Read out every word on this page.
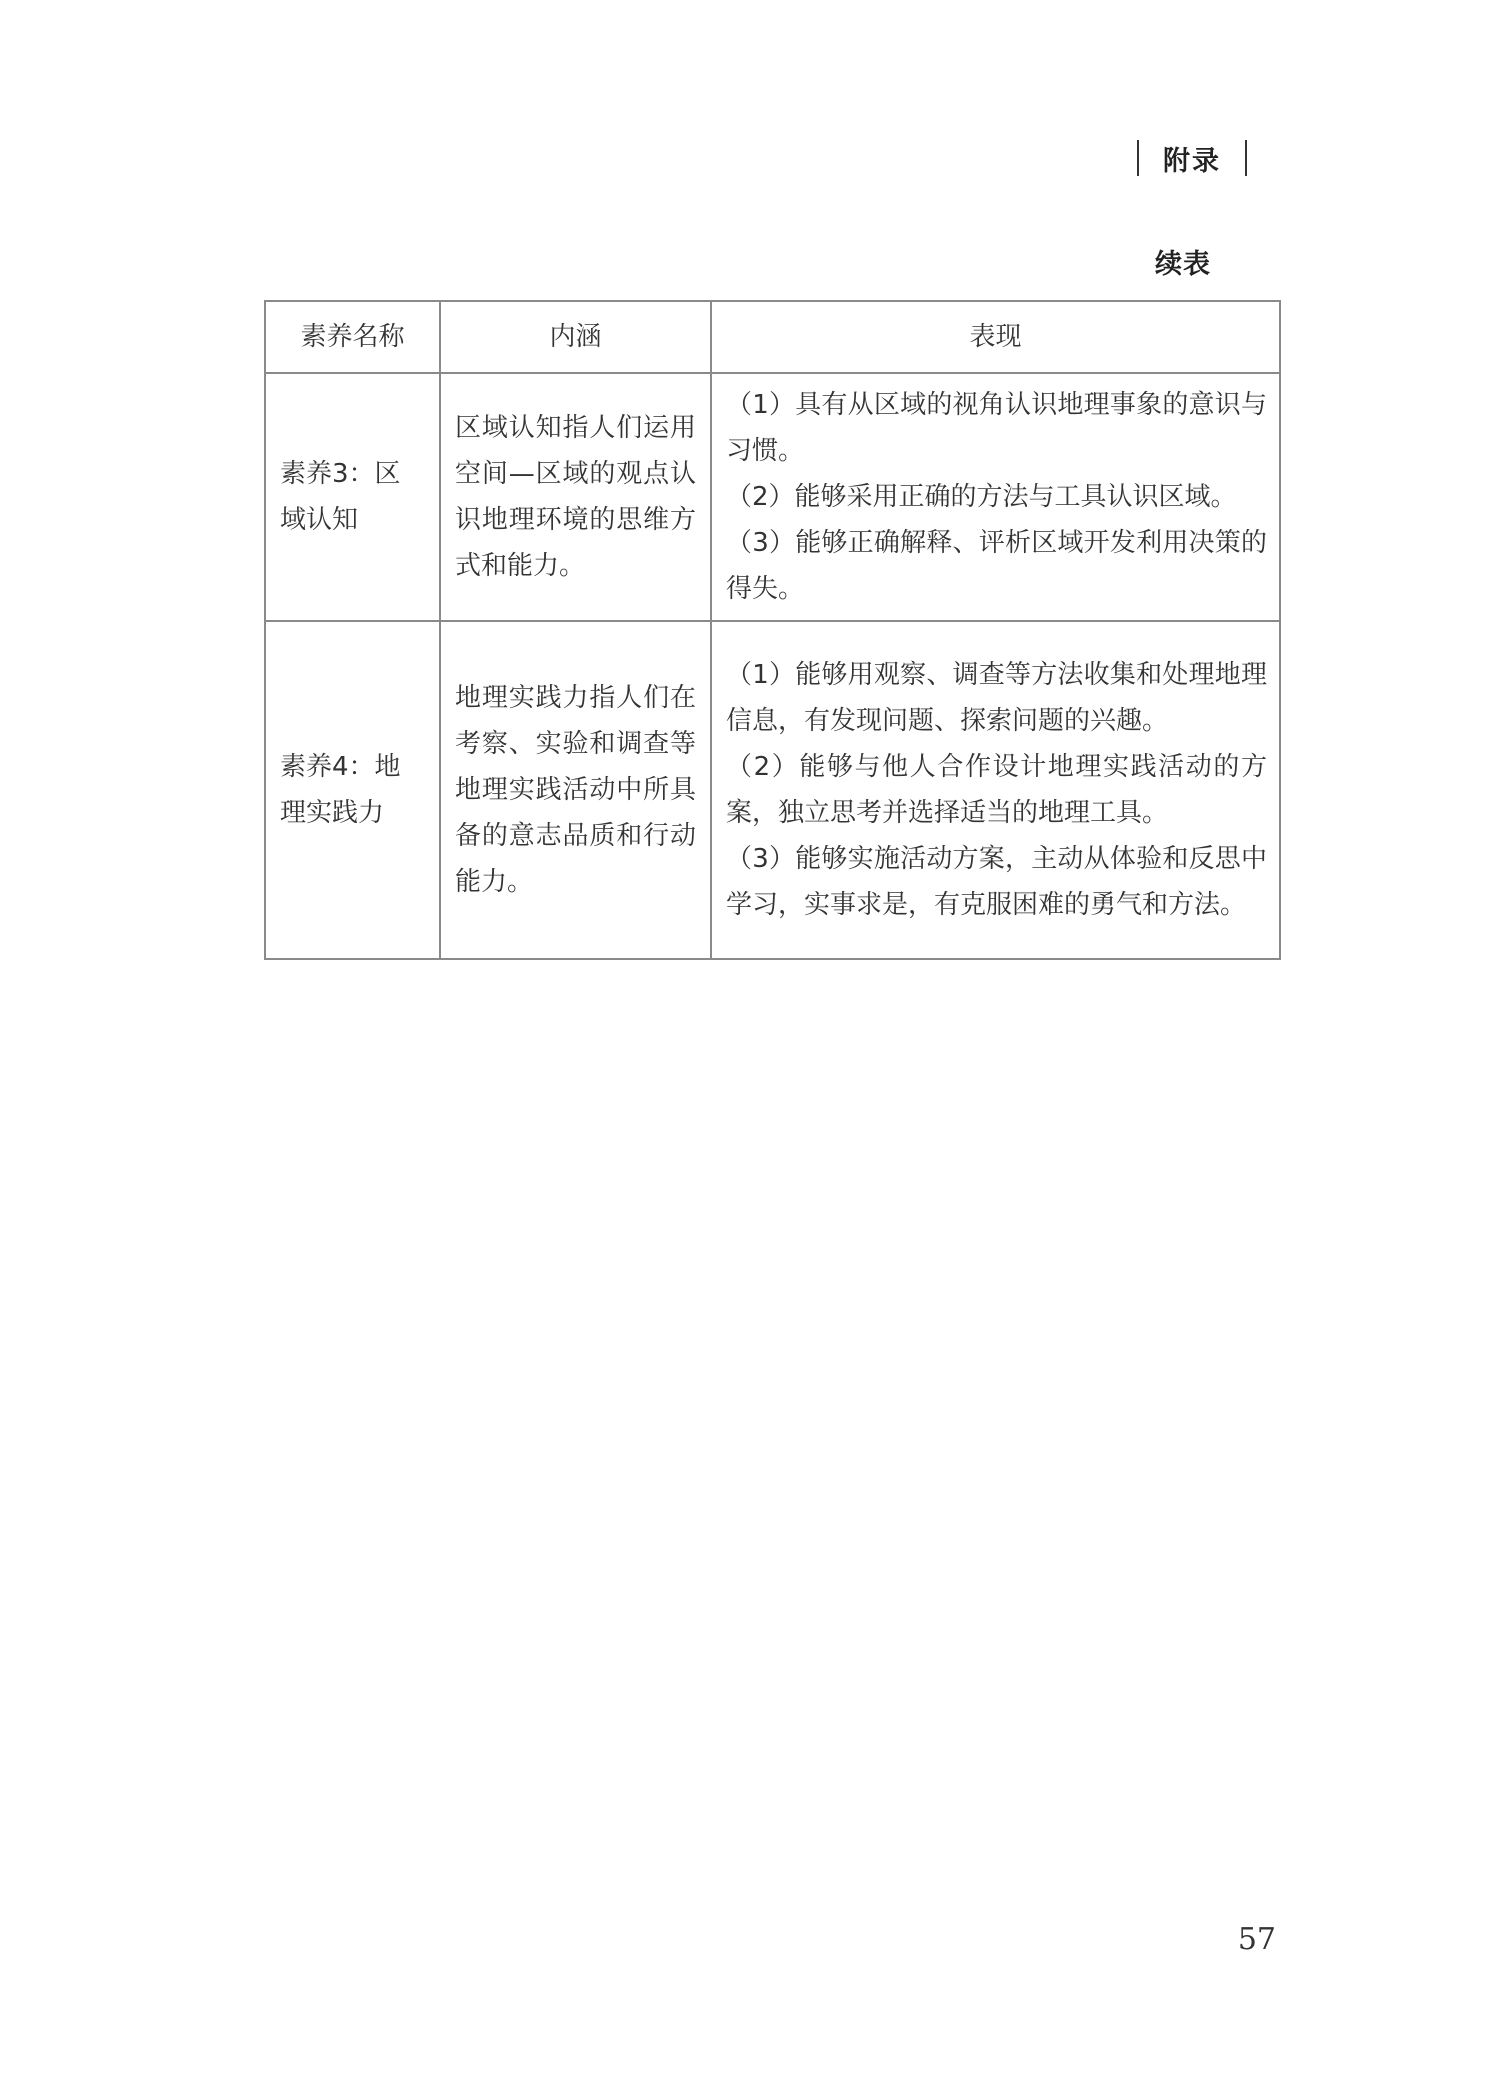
附录
续表
素养名称	内涵	表现
素养3：区域认知	区域认知指人们运用空间—区域的观点认识地理环境的思维方式和能力。	（1）具有从区域的视角认识地理事象的意识与习惯。
（2）能够采用正确的方法与工具认识区域。
（3）能够正确解释、评析区域开发利用决策的得失。

素养4：地理实践力	地理实践力指人们在考察、实验和调查等地理实践活动中所具备的意志品质和行动能力。	（1）能够用观察、调查等方法收集和处理地理信息，有发现问题、探索问题的兴趣。
（2）能够与他人合作设计地理实践活动的方案，独立思考并选择适当的地理工具。
（3）能够实施活动方案，主动从体验和反思中学习，实事求是，有克服困难的勇气和方法。
57
